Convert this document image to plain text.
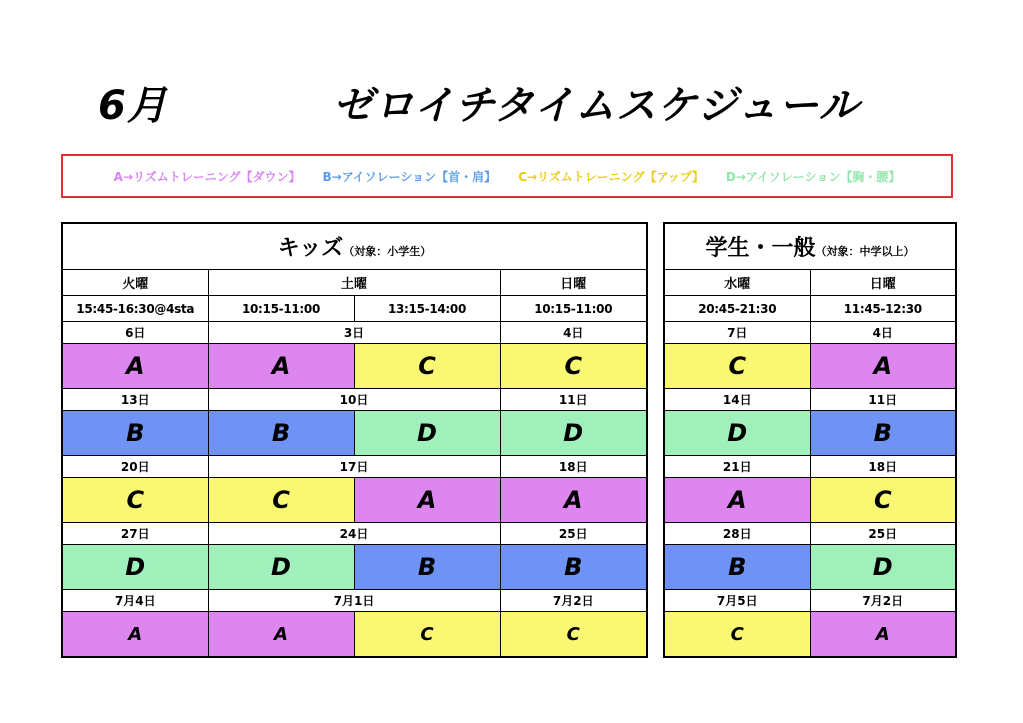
6月	ゼロイチタイムスケジュール
A→リズムトレーニング【ダウン】 B→アイソレーション【首・肩】 C→リズムトレーニング【アップ】 D→アイソレーション【胸・腰】
キッズ（対象：小学生）			
火曜	土曜		日曜
15:45-16:30@4sta	10:15-11:00	13:15-14:00	10:15-11:00
6日	3日		4日
A	A	C	C
13日	10日		11日
B	B	D	D
20日	17日		18日
C	C	A	A
27日	24日		25日
D	D	B	B
7月4日	7月1日		7月2日
A	A	C	C
学生・一般（対象：中学以上）	
水曜	日曜
20:45-21:30	11:45-12:30
7日	4日
C	A
14日	11日
D	B
21日	18日
A	C
28日	25日
B	D
7月5日	7月2日
C	A
